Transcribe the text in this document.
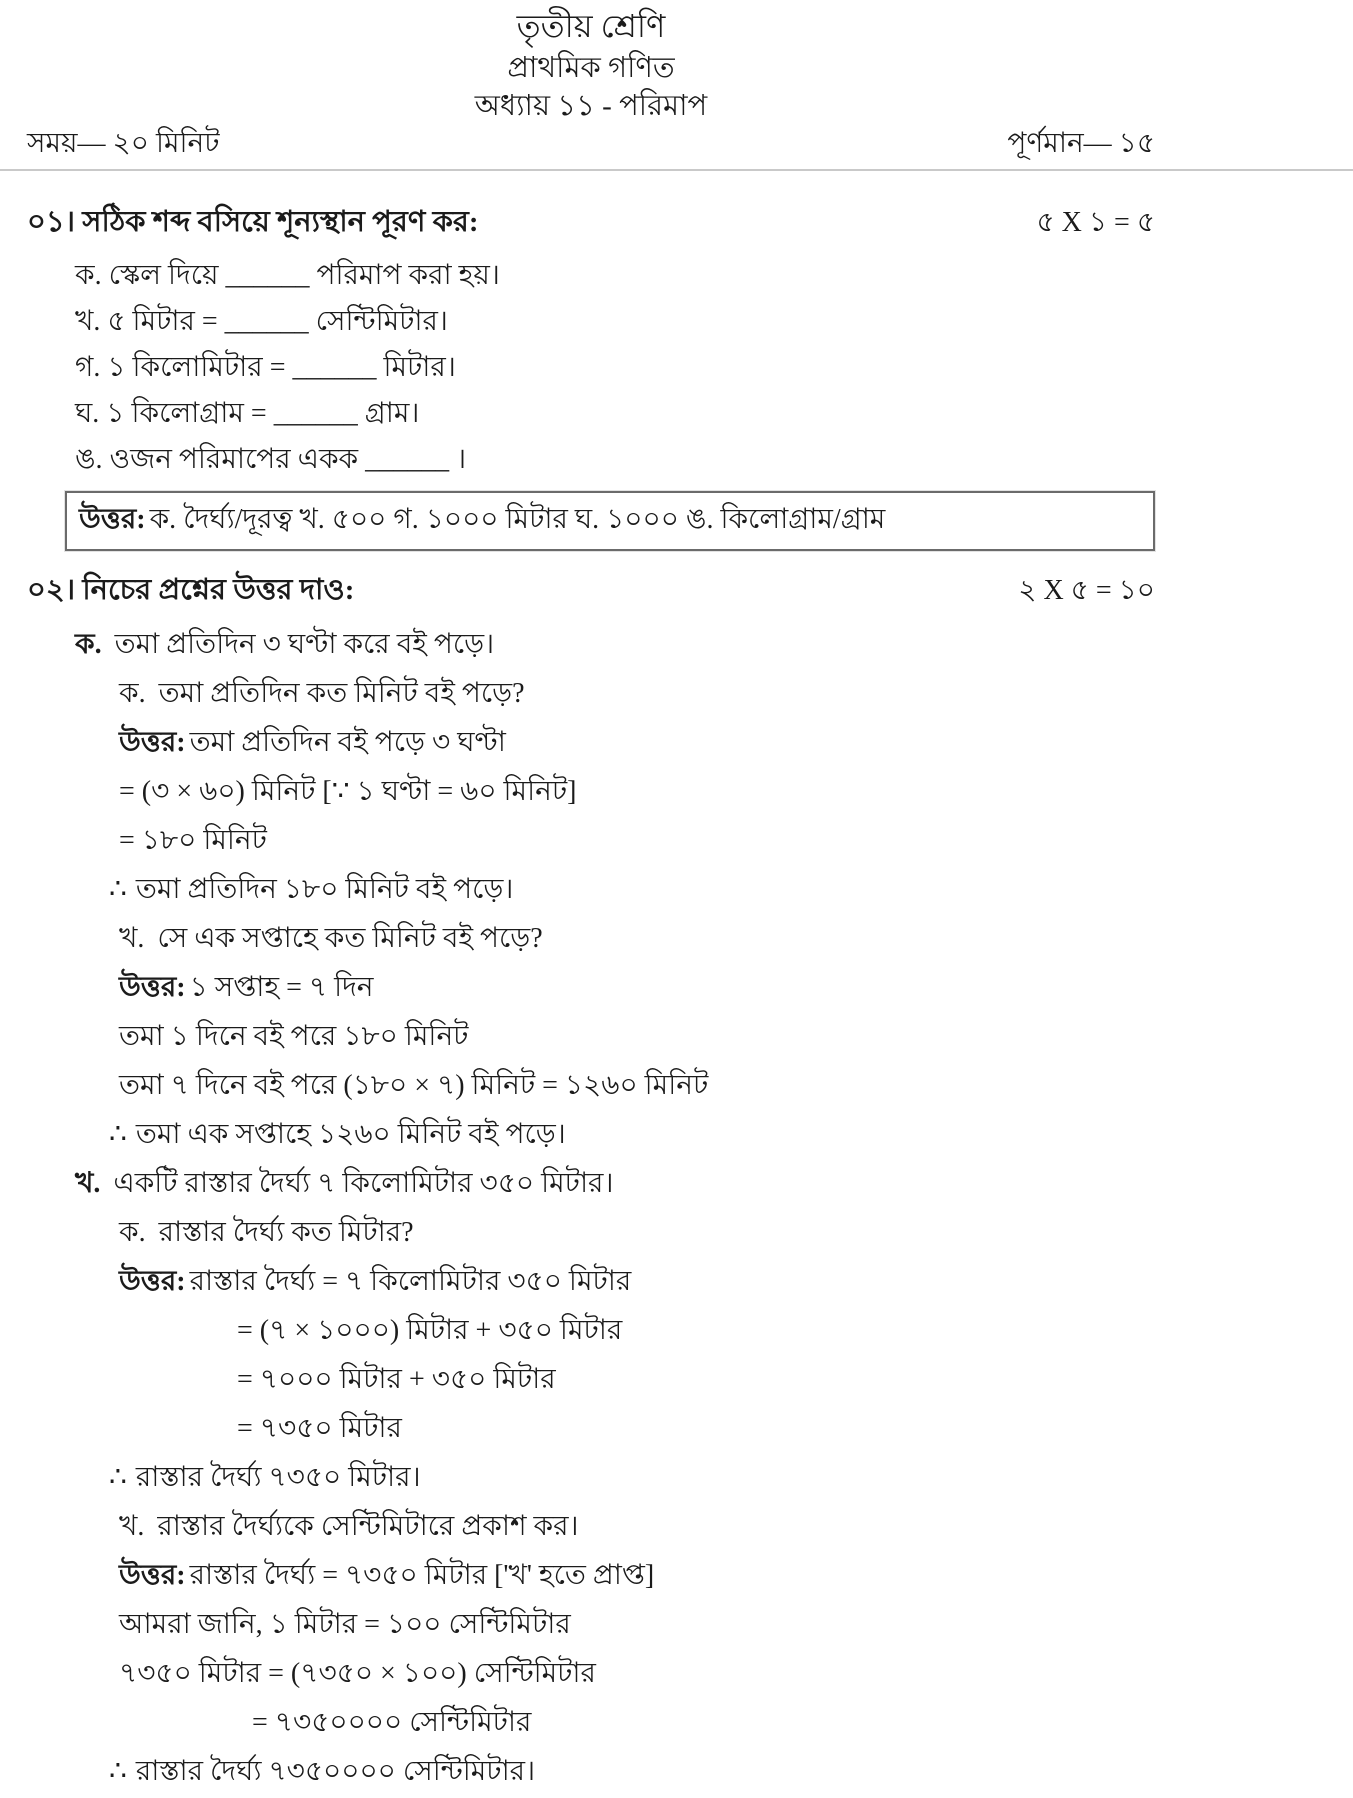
তৃতীয় শ্রেণি
প্রাথমিক গণিত
অধ্যায় ১১ - পরিমাপ
সময়— ২০ মিনিট	পূর্ণমান— ১৫
০১। সঠিক শব্দ বসিয়ে শূন্যস্থান পূরণ কর:	৫ X ১ = ৫
ক. স্কেল দিয়ে ______ পরিমাপ করা হয়।
খ. ৫ মিটার = ______ সেন্টিমিটার।
গ. ১ কিলোমিটার = ______ মিটার।
ঘ. ১ কিলোগ্রাম = ______ গ্রাম।
ঙ. ওজন পরিমাপের একক ______ ।
উত্তর: ক. দৈর্ঘ্য/দূরত্ব খ. ৫০০ গ. ১০০০ মিটার ঘ. ১০০০ ঙ. কিলোগ্রাম/গ্রাম
০২। নিচের প্রশ্নের উত্তর দাও:	২ X ৫ = ১০
ক. তমা প্রতিদিন ৩ ঘণ্টা করে বই পড়ে।
ক. তমা প্রতিদিন কত মিনিট বই পড়ে?
উত্তর: তমা প্রতিদিন বই পড়ে ৩ ঘণ্টা
= (৩ × ৬০) মিনিট [∵ ১ ঘণ্টা = ৬০ মিনিট]
= ১৮০ মিনিট
∴ তমা প্রতিদিন ১৮০ মিনিট বই পড়ে।
খ. সে এক সপ্তাহে কত মিনিট বই পড়ে?
উত্তর: ১ সপ্তাহ = ৭ দিন
তমা ১ দিনে বই পরে ১৮০ মিনিট
তমা ৭ দিনে বই পরে (১৮০ × ৭) মিনিট = ১২৬০ মিনিট
∴ তমা এক সপ্তাহে ১২৬০ মিনিট বই পড়ে।
খ. একটি রাস্তার দৈর্ঘ্য ৭ কিলোমিটার ৩৫০ মিটার।
ক. রাস্তার দৈর্ঘ্য কত মিটার?
উত্তর: রাস্তার দৈর্ঘ্য = ৭ কিলোমিটার ৩৫০ মিটার
= (৭ × ১০০০) মিটার + ৩৫০ মিটার
= ৭০০০ মিটার + ৩৫০ মিটার
= ৭৩৫০ মিটার
∴ রাস্তার দৈর্ঘ্য ৭৩৫০ মিটার।
খ. রাস্তার দৈর্ঘ্যকে সেন্টিমিটারে প্রকাশ কর।
উত্তর: রাস্তার দৈর্ঘ্য = ৭৩৫০ মিটার ['খ' হতে প্রাপ্ত]
আমরা জানি, ১ মিটার = ১০০ সেন্টিমিটার
৭৩৫০ মিটার = (৭৩৫০ × ১০০) সেন্টিমিটার
= ৭৩৫০০০০ সেন্টিমিটার
∴ রাস্তার দৈর্ঘ্য ৭৩৫০০০০ সেন্টিমিটার।
